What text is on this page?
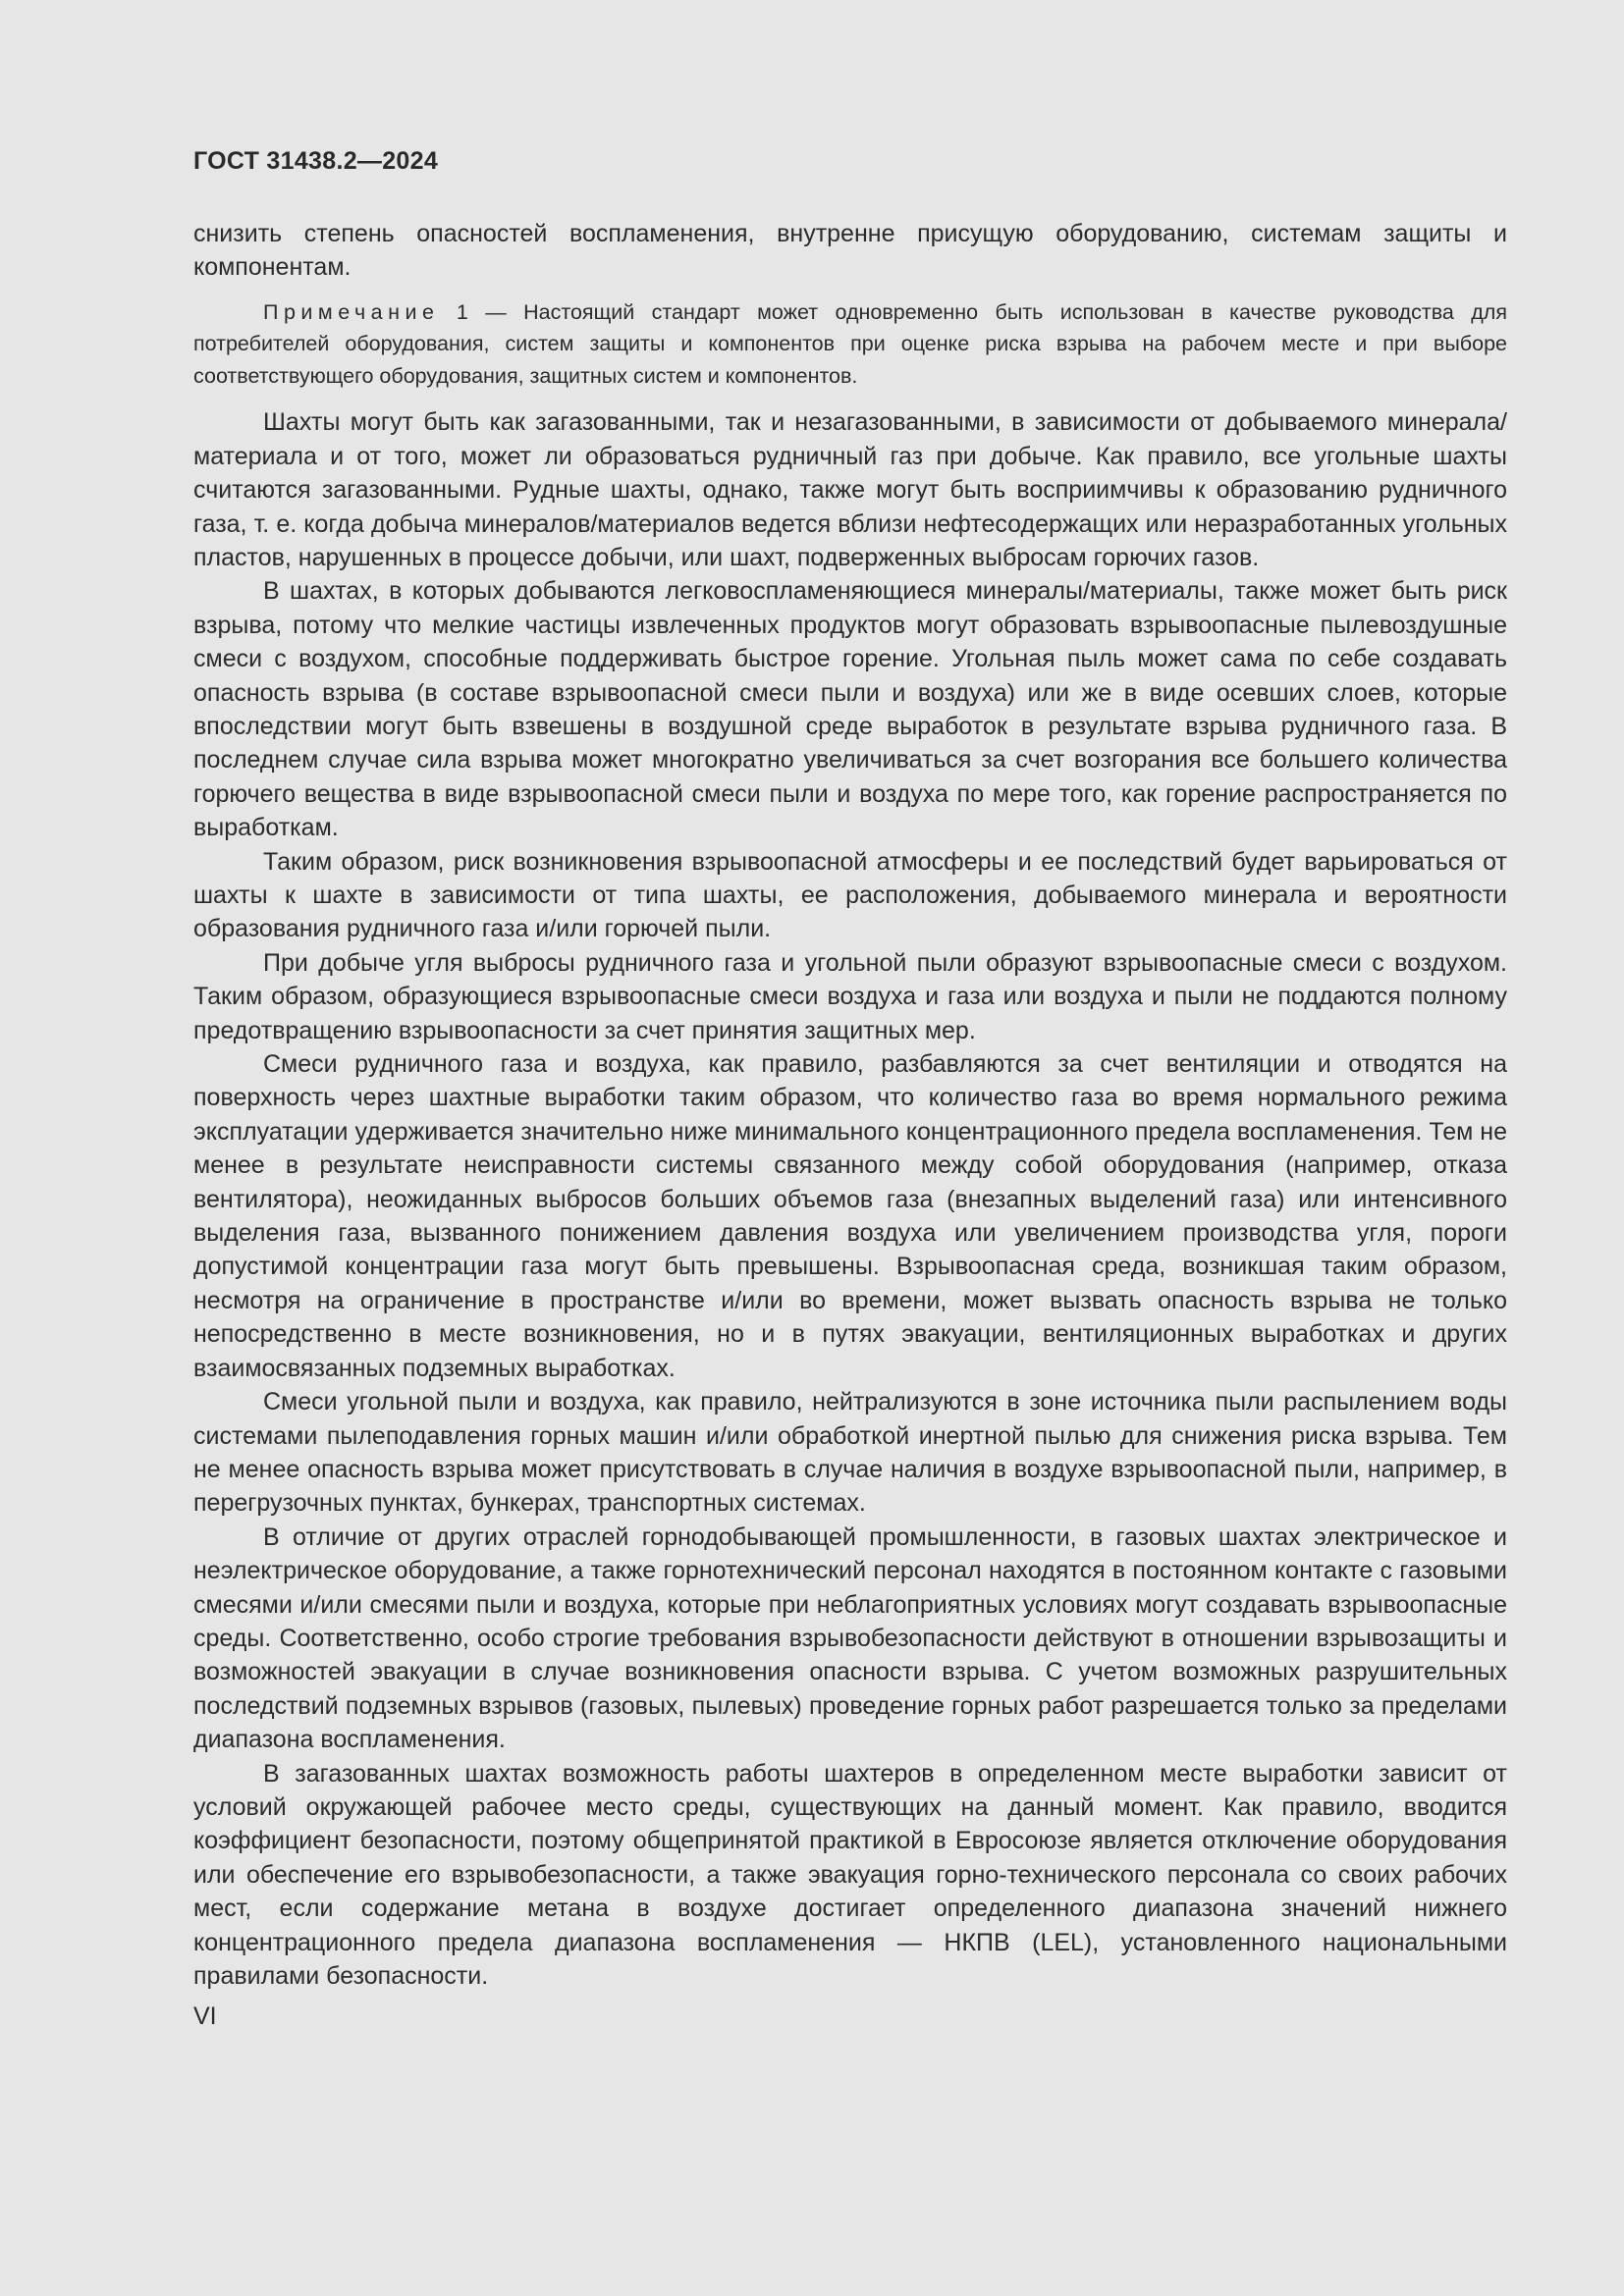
ГОСТ 31438.2—2024

снизить степень опасностей воспламенения, внутренне присущую оборудованию, системам защиты и компонентам.

Примечание 1 — Настоящий стандарт может одновременно быть использован в качестве руководства для потребителей оборудования, систем защиты и компонентов при оценке риска взрыва на рабочем месте и при выборе соответствующего оборудования, защитных систем и компонентов.

Шахты могут быть как загазованными, так и незагазованными, в зависимости от добываемого минерала/материала и от того, может ли образоваться рудничный газ при добыче. Как правило, все угольные шахты считаются загазованными. Рудные шахты, однако, также могут быть восприимчивы к образованию рудничного газа, т. е. когда добыча минералов/материалов ведется вблизи нефтесодержащих или неразработанных угольных пластов, нарушенных в процессе добычи, или шахт, подверженных выбросам горючих газов.

В шахтах, в которых добываются легковоспламеняющиеся минералы/материалы, также может быть риск взрыва, потому что мелкие частицы извлеченных продуктов могут образовать взрывоопасные пылевоздушные смеси с воздухом, способные поддерживать быстрое горение. Угольная пыль может сама по себе создавать опасность взрыва (в составе взрывоопасной смеси пыли и воздуха) или же в виде осевших слоев, которые впоследствии могут быть взвешены в воздушной среде выработок в результате взрыва рудничного газа. В последнем случае сила взрыва может многократно увеличиваться за счет возгорания все большего количества горючего вещества в виде взрывоопасной смеси пыли и воздуха по мере того, как горение распространяется по выработкам.

Таким образом, риск возникновения взрывоопасной атмосферы и ее последствий будет варьироваться от шахты к шахте в зависимости от типа шахты, ее расположения, добываемого минерала и вероятности образования рудничного газа и/или горючей пыли.

При добыче угля выбросы рудничного газа и угольной пыли образуют взрывоопасные смеси с воздухом. Таким образом, образующиеся взрывоопасные смеси воздуха и газа или воздуха и пыли не поддаются полному предотвращению взрывоопасности за счет принятия защитных мер.

Смеси рудничного газа и воздуха, как правило, разбавляются за счет вентиляции и отводятся на поверхность через шахтные выработки таким образом, что количество газа во время нормального режима эксплуатации удерживается значительно ниже минимального концентрационного предела воспламенения. Тем не менее в результате неисправности системы связанного между собой оборудования (например, отказа вентилятора), неожиданных выбросов больших объемов газа (внезапных выделений газа) или интенсивного выделения газа, вызванного понижением давления воздуха или увеличением производства угля, пороги допустимой концентрации газа могут быть превышены. Взрывоопасная среда, возникшая таким образом, несмотря на ограничение в пространстве и/или во времени, может вызвать опасность взрыва не только непосредственно в месте возникновения, но и в путях эвакуации, вентиляционных выработках и других взаимосвязанных подземных выработках.

Смеси угольной пыли и воздуха, как правило, нейтрализуются в зоне источника пыли распылением воды системами пылеподавления горных машин и/или обработкой инертной пылью для снижения риска взрыва. Тем не менее опасность взрыва может присутствовать в случае наличия в воздухе взрывоопасной пыли, например, в перегрузочных пунктах, бункерах, транспортных системах.

В отличие от других отраслей горнодобывающей промышленности, в газовых шахтах электрическое и неэлектрическое оборудование, а также горнотехнический персонал находятся в постоянном контакте с газовыми смесями и/или смесями пыли и воздуха, которые при неблагоприятных условиях могут создавать взрывоопасные среды. Соответственно, особо строгие требования взрывобезопасности действуют в отношении взрывозащиты и возможностей эвакуации в случае возникновения опасности взрыва. С учетом возможных разрушительных последствий подземных взрывов (газовых, пылевых) проведение горных работ разрешается только за пределами диапазона воспламенения.

В загазованных шахтах возможность работы шахтеров в определенном месте выработки зависит от условий окружающей рабочее место среды, существующих на данный момент. Как правило, вводится коэффициент безопасности, поэтому общепринятой практикой в Евросоюзе является отключение оборудования или обеспечение его взрывобезопасности, а также эвакуация горно-технического персонала со своих рабочих мест, если содержание метана в воздухе достигает определенного диапазона значений нижнего концентрационного предела диапазона воспламенения — НКПВ (LEL), установленного национальными правилами безопасности.

VI
